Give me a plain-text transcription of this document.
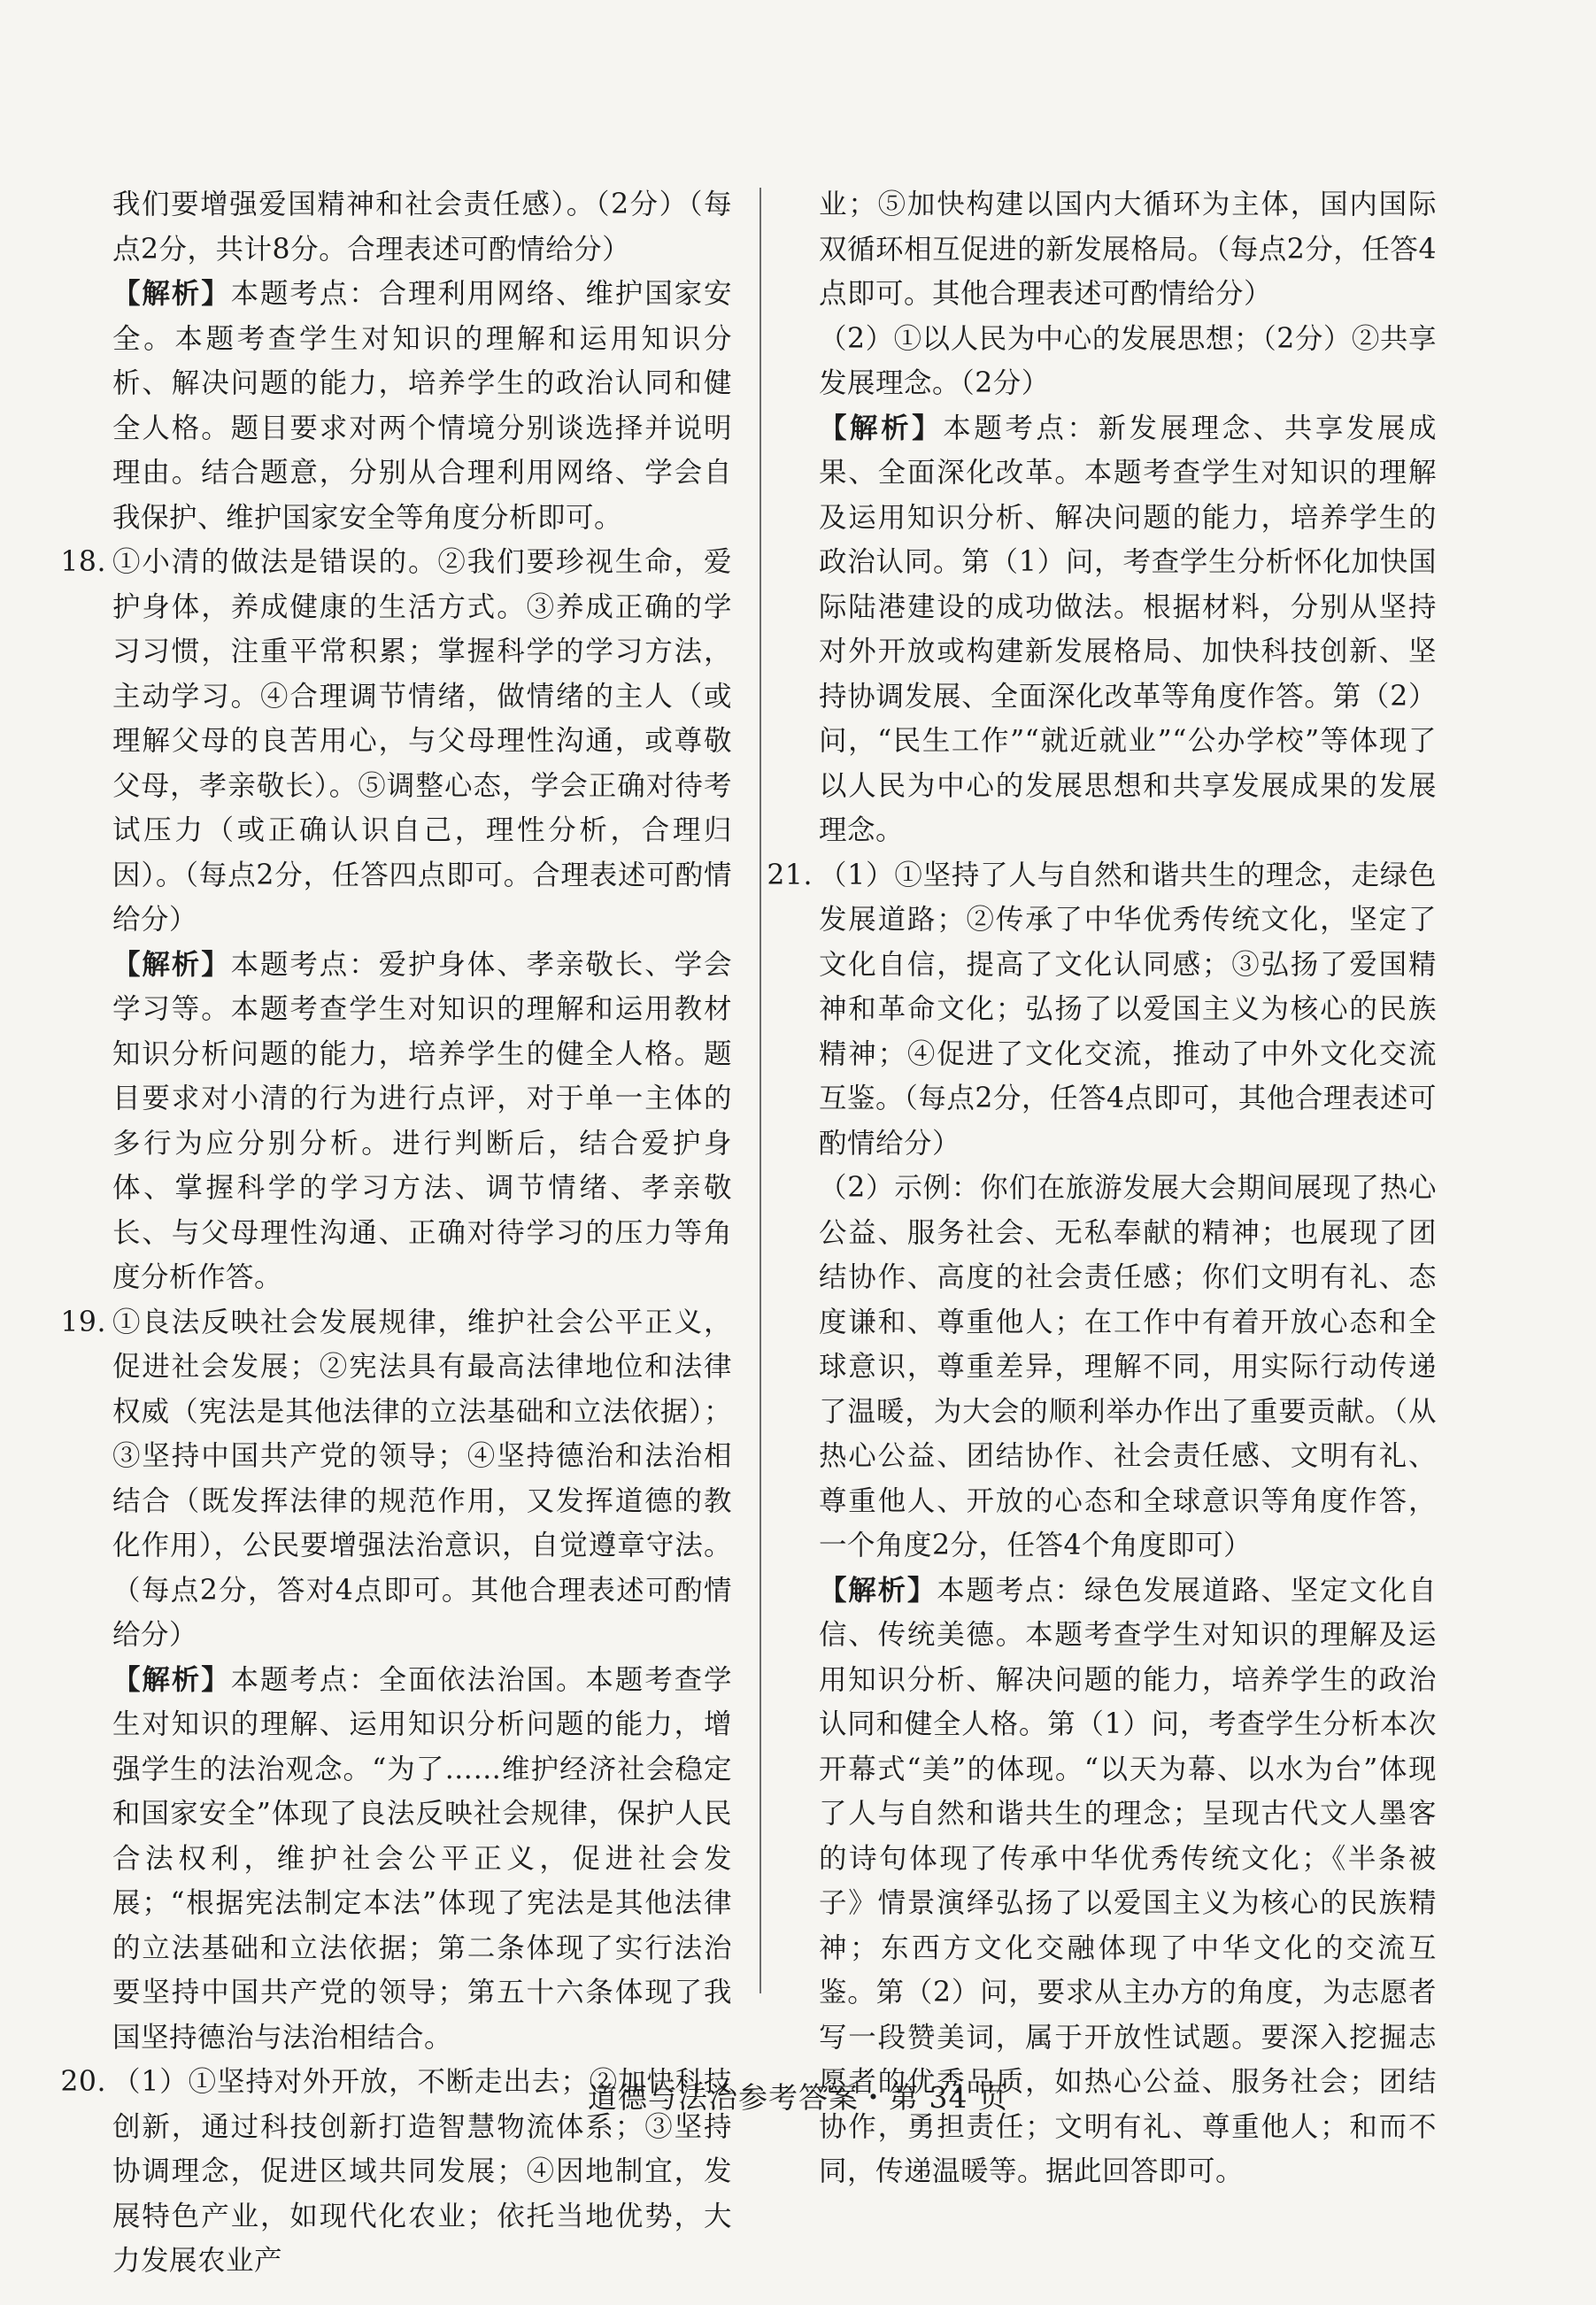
我们要增强爱国精神和社会责任感）。（2分）（每点2分，共计8分。合理表述可酌情给分）

【解析】本题考点：合理利用网络、维护国家安全。本题考查学生对知识的理解和运用知识分析、解决问题的能力，培养学生的政治认同和健全人格。题目要求对两个情境分别谈选择并说明理由。结合题意，分别从合理利用网络、学会自我保护、维护国家安全等角度分析即可。

18. ①小清的做法是错误的。②我们要珍视生命，爱护身体，养成健康的生活方式。③养成正确的学习习惯，注重平常积累；掌握科学的学习方法，主动学习。④合理调节情绪，做情绪的主人（或理解父母的良苦用心，与父母理性沟通，或尊敬父母，孝亲敬长）。⑤调整心态，学会正确对待考试压力（或正确认识自己，理性分析，合理归因）。（每点2分，任答四点即可。合理表述可酌情给分）

【解析】本题考点：爱护身体、孝亲敬长、学会学习等。本题考查学生对知识的理解和运用教材知识分析问题的能力，培养学生的健全人格。题目要求对小清的行为进行点评，对于单一主体的多行为应分别分析。进行判断后，结合爱护身体、掌握科学的学习方法、调节情绪、孝亲敬长、与父母理性沟通、正确对待学习的压力等角度分析作答。

19. ①良法反映社会发展规律，维护社会公平正义，促进社会发展；②宪法具有最高法律地位和法律权威（宪法是其他法律的立法基础和立法依据）；③坚持中国共产党的领导；④坚持德治和法治相结合（既发挥法律的规范作用，又发挥道德的教化作用），公民要增强法治意识，自觉遵章守法。（每点2分，答对4点即可。其他合理表述可酌情给分）

【解析】本题考点：全面依法治国。本题考查学生对知识的理解、运用知识分析问题的能力，增强学生的法治观念。“为了……维护经济社会稳定和国家安全”体现了良法反映社会规律，保护人民合法权利，维护社会公平正义，促进社会发展；“根据宪法制定本法”体现了宪法是其他法律的立法基础和立法依据；第二条体现了实行法治要坚持中国共产党的领导；第五十六条体现了我国坚持德治与法治相结合。

20. （1）①坚持对外开放，不断走出去；②加快科技创新，通过科技创新打造智慧物流体系；③坚持协调理念，促进区域共同发展；④因地制宜，发展特色产业，如现代化农业；依托当地优势，大力发展农业产

业；⑤加快构建以国内大循环为主体，国内国际双循环相互促进的新发展格局。（每点2分，任答4点即可。其他合理表述可酌情给分）

（2）①以人民为中心的发展思想；（2分）②共享发展理念。（2分）

【解析】本题考点：新发展理念、共享发展成果、全面深化改革。本题考查学生对知识的理解及运用知识分析、解决问题的能力，培养学生的政治认同。第（1）问，考查学生分析怀化加快国际陆港建设的成功做法。根据材料，分别从坚持对外开放或构建新发展格局、加快科技创新、坚持协调发展、全面深化改革等角度作答。第（2）问，“民生工作”“就近就业”“公办学校”等体现了以人民为中心的发展思想和共享发展成果的发展理念。

21. （1）①坚持了人与自然和谐共生的理念，走绿色发展道路；②传承了中华优秀传统文化，坚定了文化自信，提高了文化认同感；③弘扬了爱国精神和革命文化；弘扬了以爱国主义为核心的民族精神；④促进了文化交流，推动了中外文化交流互鉴。（每点2分，任答4点即可，其他合理表述可酌情给分）

（2）示例：你们在旅游发展大会期间展现了热心公益、服务社会、无私奉献的精神；也展现了团结协作、高度的社会责任感；你们文明有礼、态度谦和、尊重他人；在工作中有着开放心态和全球意识，尊重差异，理解不同，用实际行动传递了温暖，为大会的顺利举办作出了重要贡献。（从热心公益、团结协作、社会责任感、文明有礼、尊重他人、开放的心态和全球意识等角度作答，一个角度2分，任答4个角度即可）

【解析】本题考点：绿色发展道路、坚定文化自信、传统美德。本题考查学生对知识的理解及运用知识分析、解决问题的能力，培养学生的政治认同和健全人格。第（1）问，考查学生分析本次开幕式“美”的体现。“以天为幕、以水为台”体现了人与自然和谐共生的理念；呈现古代文人墨客的诗句体现了传承中华优秀传统文化；《半条被子》情景演绎弘扬了以爱国主义为核心的民族精神；东西方文化交融体现了中华文化的交流互鉴。第（2）问，要求从主办方的角度，为志愿者写一段赞美词，属于开放性试题。要深入挖掘志愿者的优秀品质，如热心公益、服务社会；团结协作，勇担责任；文明有礼、尊重他人；和而不同，传递温暖等。据此回答即可。

道德与法治参考答案・第 34 页
